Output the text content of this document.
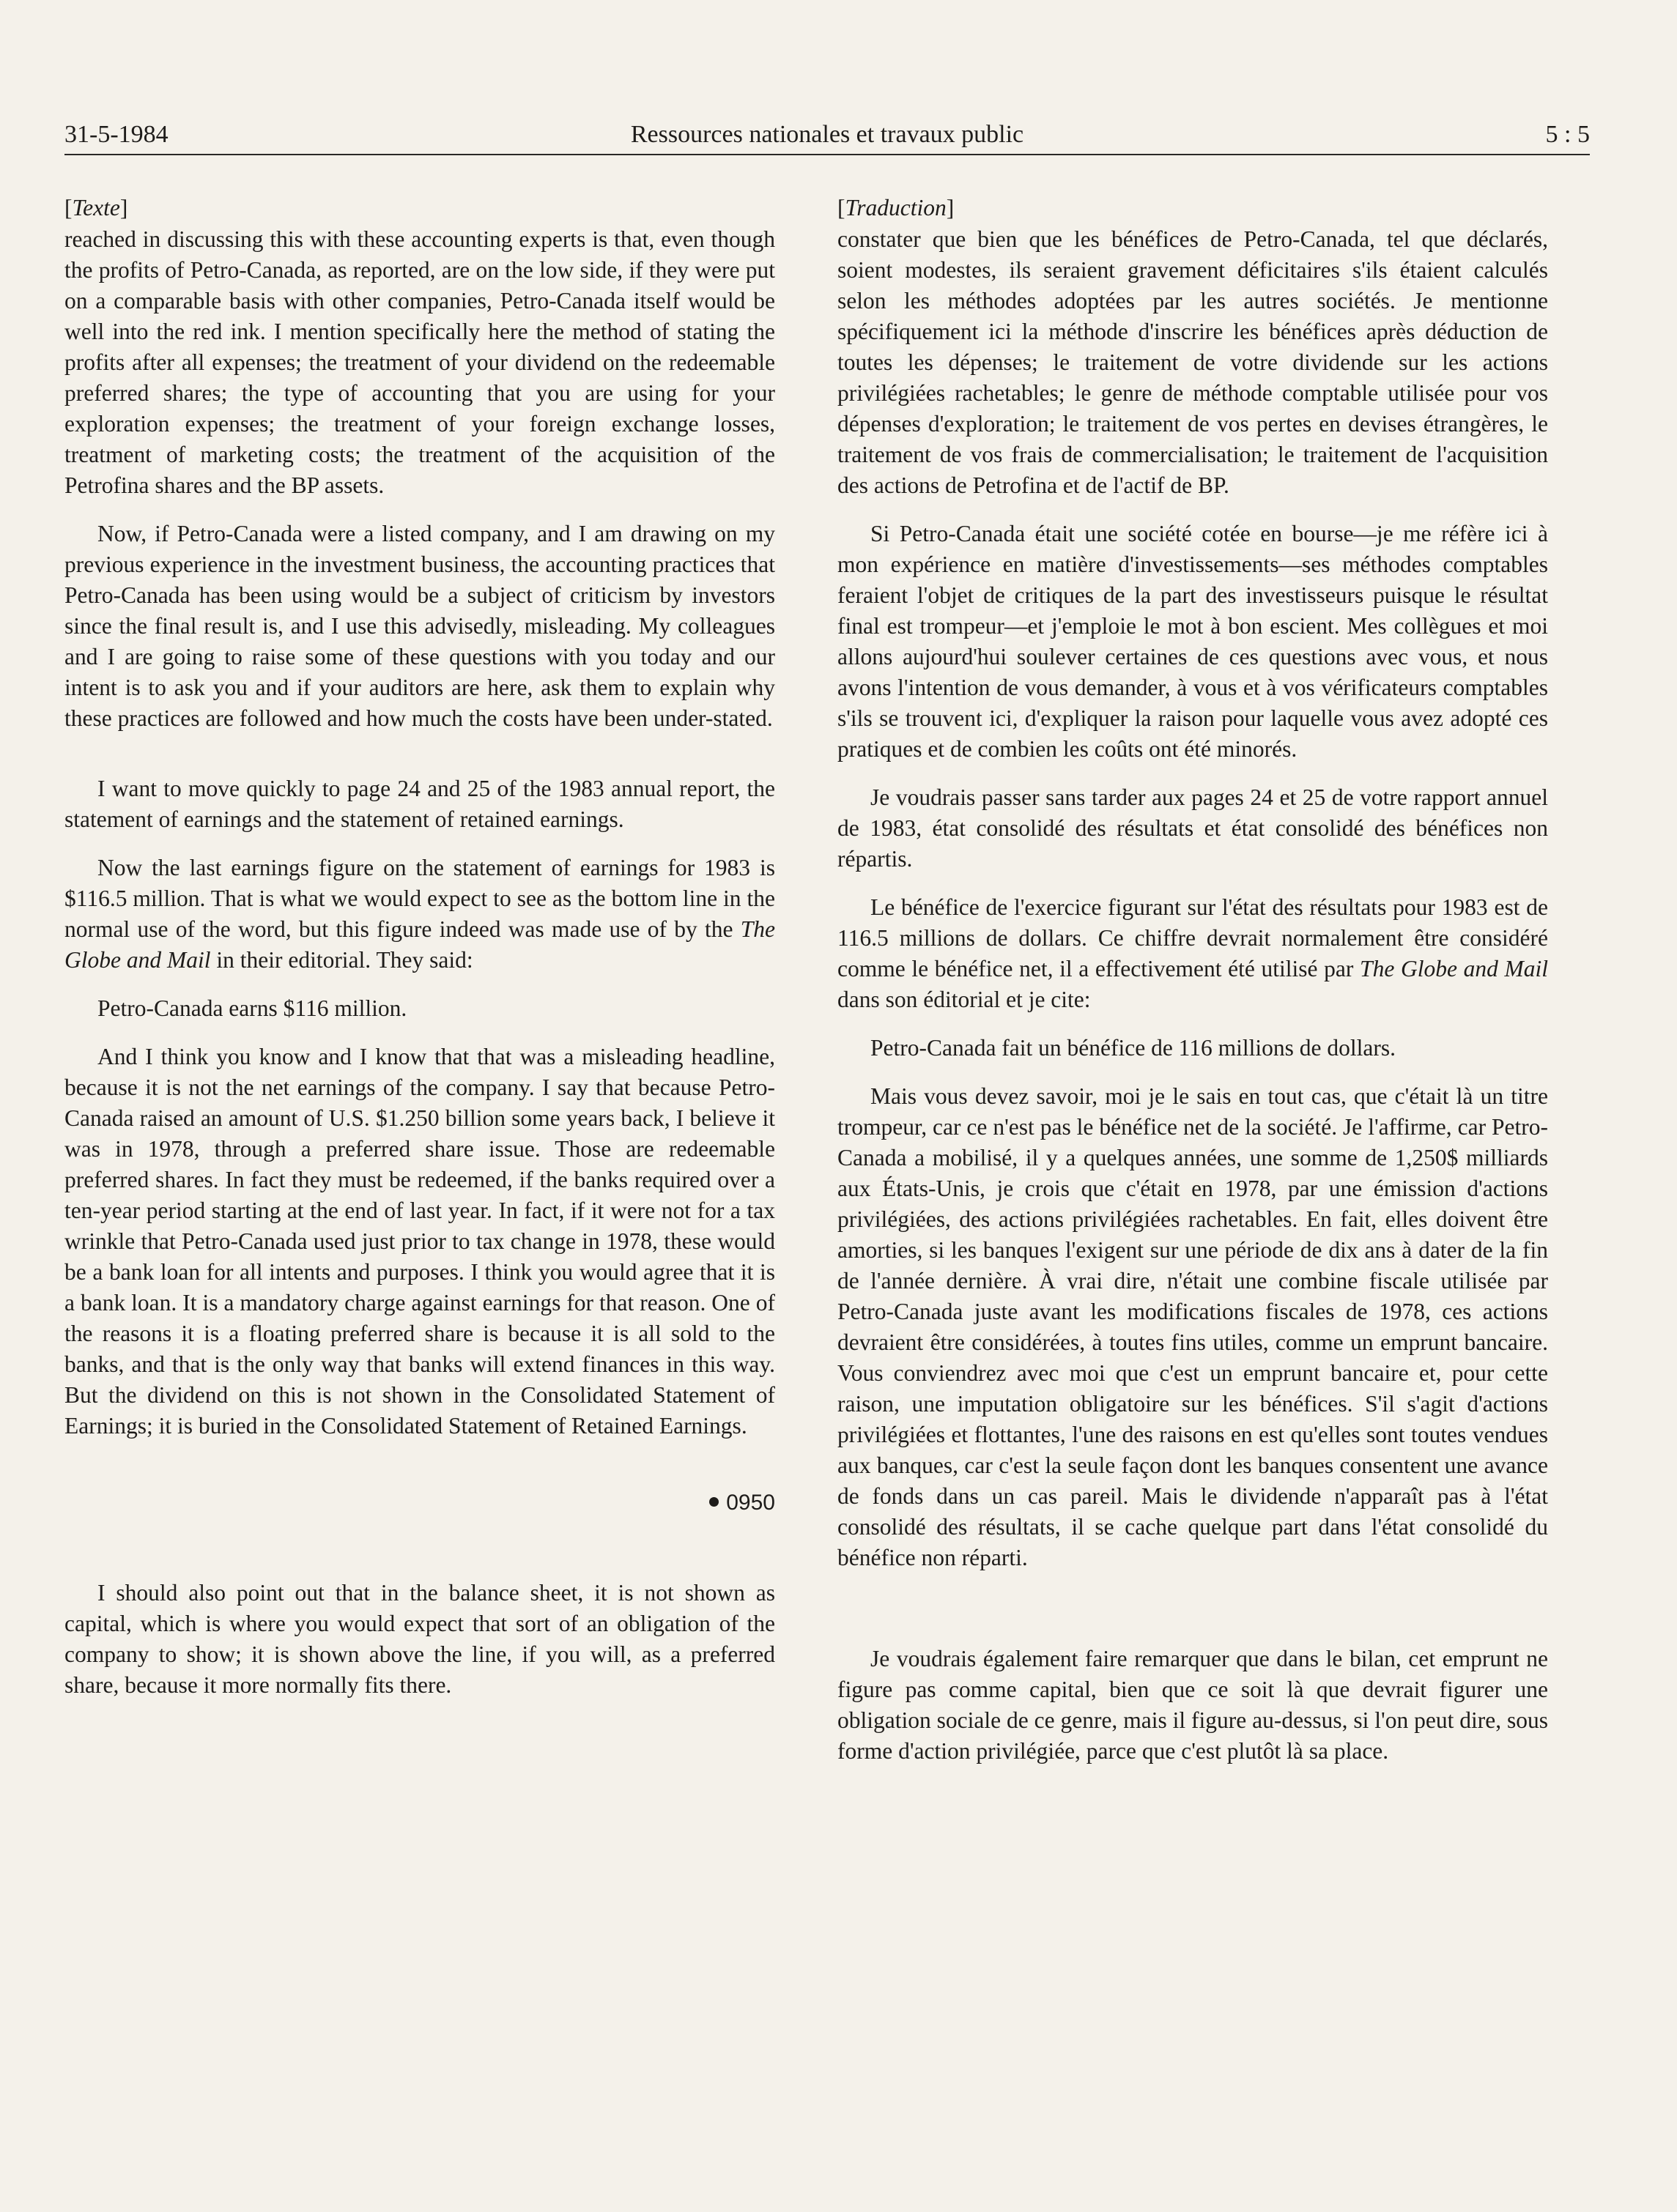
31-5-1984	Ressources nationales et travaux public	5 : 5
[Texte]

reached in discussing this with these accounting experts is that, even though the profits of Petro-Canada, as reported, are on the low side, if they were put on a comparable basis with other companies, Petro-Canada itself would be well into the red ink. I mention specifically here the method of stating the profits after all expenses; the treatment of your dividend on the redeemable preferred shares; the type of accounting that you are using for your exploration expenses; the treatment of your foreign exchange losses, treatment of marketing costs; the treatment of the acquisition of the Petrofina shares and the BP assets.

Now, if Petro-Canada were a listed company, and I am drawing on my previous experience in the investment business, the accounting practices that Petro-Canada has been using would be a subject of criticism by investors since the final result is, and I use this advisedly, misleading. My colleagues and I are going to raise some of these questions with you today and our intent is to ask you and if your auditors are here, ask them to explain why these practices are followed and how much the costs have been under-stated.

I want to move quickly to page 24 and 25 of the 1983 annual report, the statement of earnings and the statement of retained earnings.

Now the last earnings figure on the statement of earnings for 1983 is $116.5 million. That is what we would expect to see as the bottom line in the normal use of the word, but this figure indeed was made use of by the The Globe and Mail in their editorial. They said:

Petro-Canada earns $116 million.

And I think you know and I know that that was a misleading headline, because it is not the net earnings of the company. I say that because Petro-Canada raised an amount of U.S. $1.250 billion some years back, I believe it was in 1978, through a preferred share issue. Those are redeemable preferred shares. In fact they must be redeemed, if the banks required over a ten-year period starting at the end of last year. In fact, if it were not for a tax wrinkle that Petro-Canada used just prior to tax change in 1978, these would be a bank loan for all intents and purposes. I think you would agree that it is a bank loan. It is a mandatory charge against earnings for that reason. One of the reasons it is a floating preferred share is because it is all sold to the banks, and that is the only way that banks will extend finances in this way. But the dividend on this is not shown in the Consolidated Statement of Earnings; it is buried in the Consolidated Statement of Retained Earnings.

0950

I should also point out that in the balance sheet, it is not shown as capital, which is where you would expect that sort of an obligation of the company to show; it is shown above the line, if you will, as a preferred share, because it more normally fits there.

[Traduction]

constater que bien que les bénéfices de Petro-Canada, tel que déclarés, soient modestes, ils seraient gravement déficitaires s'ils étaient calculés selon les méthodes adoptées par les autres sociétés. Je mentionne spécifiquement ici la méthode d'inscrire les bénéfices après déduction de toutes les dépenses; le traitement de votre dividende sur les actions privilégiées rachetables; le genre de méthode comptable utilisée pour vos dépenses d'exploration; le traitement de vos pertes en devises étrangères, le traitement de vos frais de commercialisation; le traitement de l'acquisition des actions de Petrofina et de l'actif de BP.

Si Petro-Canada était une société cotée en bourse—je me réfère ici à mon expérience en matière d'investissements—ses méthodes comptables feraient l'objet de critiques de la part des investisseurs puisque le résultat final est trompeur—et j'emploie le mot à bon escient. Mes collègues et moi allons aujourd'hui soulever certaines de ces questions avec vous, et nous avons l'intention de vous demander, à vous et à vos vérificateurs comptables s'ils se trouvent ici, d'expliquer la raison pour laquelle vous avez adopté ces pratiques et de combien les coûts ont été minorés.

Je voudrais passer sans tarder aux pages 24 et 25 de votre rapport annuel de 1983, état consolidé des résultats et état consolidé des bénéfices non répartis.

Le bénéfice de l'exercice figurant sur l'état des résultats pour 1983 est de 116.5 millions de dollars. Ce chiffre devrait normalement être considéré comme le bénéfice net, il a effectivement été utilisé par The Globe and Mail dans son éditorial et je cite:

Petro-Canada fait un bénéfice de 116 millions de dollars.

Mais vous devez savoir, moi je le sais en tout cas, que c'était là un titre trompeur, car ce n'est pas le bénéfice net de la société. Je l'affirme, car Petro-Canada a mobilisé, il y a quelques années, une somme de 1,250$ milliards aux États-Unis, je crois que c'était en 1978, par une émission d'actions privilégiées, des actions privilégiées rachetables. En fait, elles doivent être amorties, si les banques l'exigent sur une période de dix ans à dater de la fin de l'année dernière. À vrai dire, n'était une combine fiscale utilisée par Petro-Canada juste avant les modifications fiscales de 1978, ces actions devraient être considérées, à toutes fins utiles, comme un emprunt bancaire. Vous conviendrez avec moi que c'est un emprunt bancaire et, pour cette raison, une imputation obligatoire sur les bénéfices. S'il s'agit d'actions privilégiées et flottantes, l'une des raisons en est qu'elles sont toutes vendues aux banques, car c'est la seule façon dont les banques consentent une avance de fonds dans un cas pareil. Mais le dividende n'apparaît pas à l'état consolidé des résultats, il se cache quelque part dans l'état consolidé du bénéfice non réparti.

Je voudrais également faire remarquer que dans le bilan, cet emprunt ne figure pas comme capital, bien que ce soit là que devrait figurer une obligation sociale de ce genre, mais il figure au-dessus, si l'on peut dire, sous forme d'action privilégiée, parce que c'est plutôt là sa place.
